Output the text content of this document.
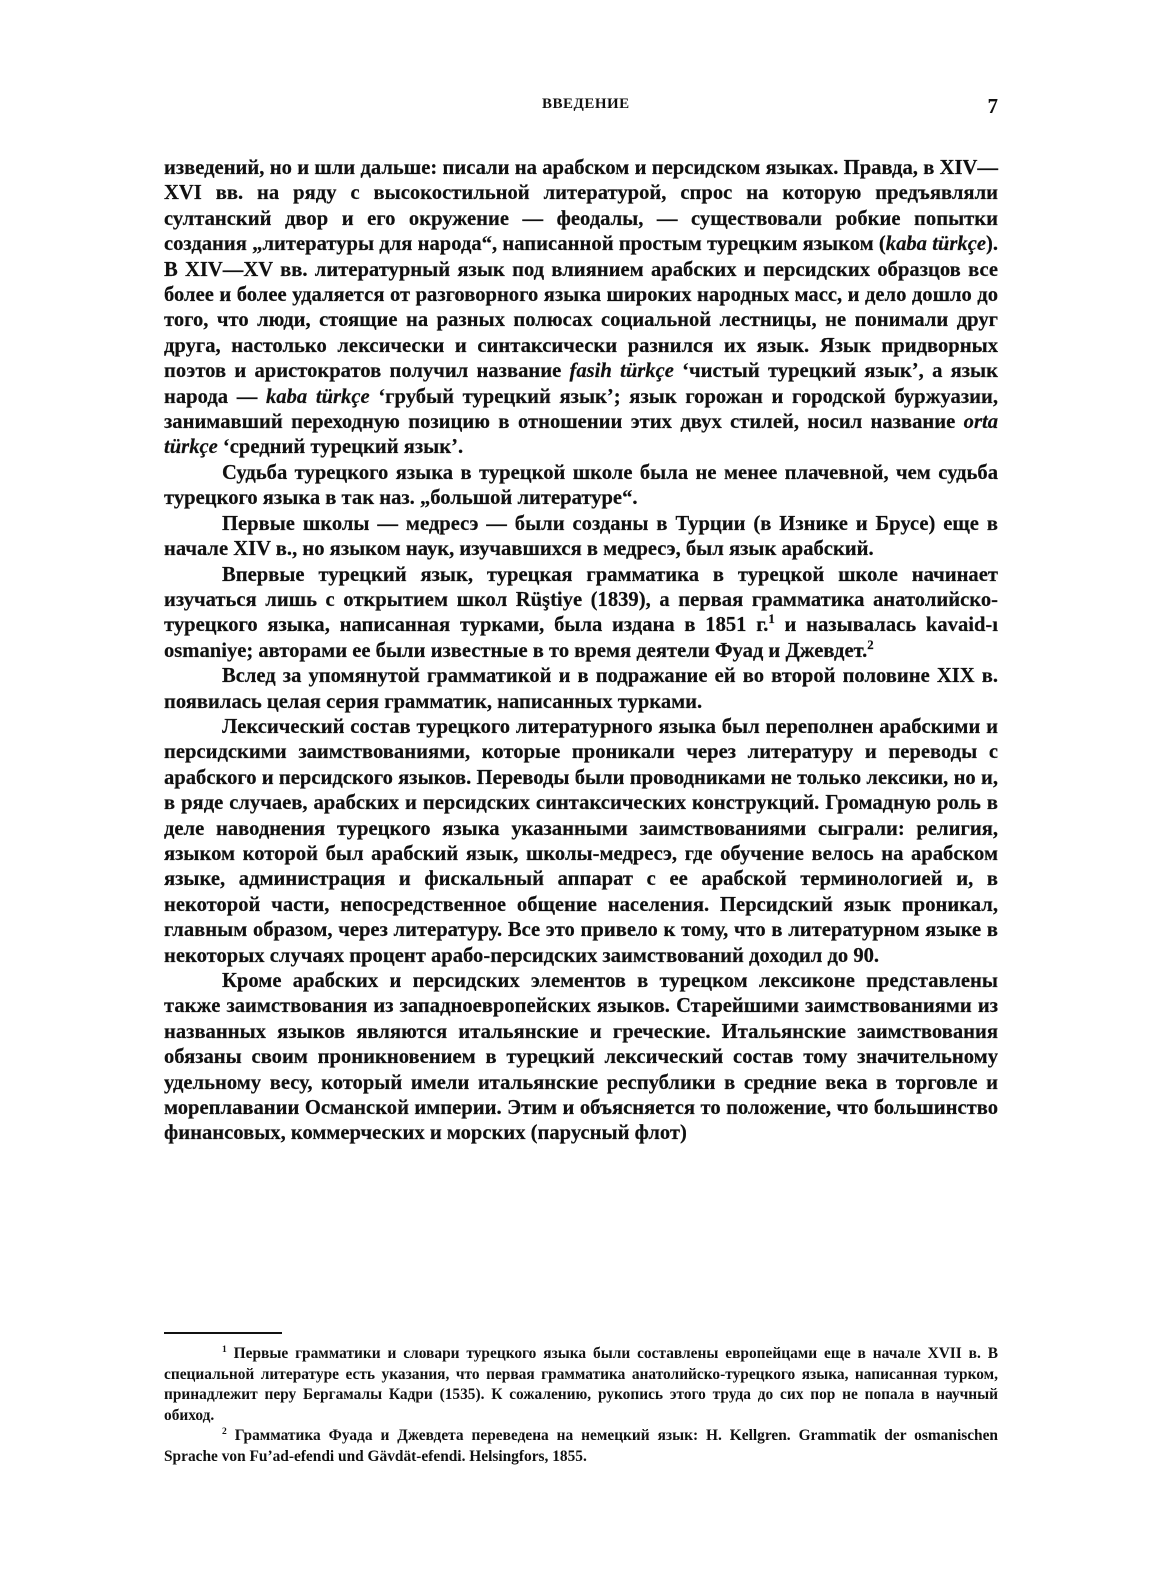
ВВЕДЕНИЕ	7

изведений, но и шли дальше: писали на арабском и персидском языках. Правда, в XIV—XVI вв. на ряду с высокостильной литературой, спрос на которую предъявляли султанский двор и его окружение — феодалы, — существовали робкие попытки создания „литературы для народа“, написанной простым турецким языком (kaba türkçe). В XIV—XV вв. литературный язык под влиянием арабских и персидских образцов все более и более удаляется от разговорного языка широких народных масс, и дело дошло до того, что люди, стоящие на разных полюсах социальной лестницы, не понимали друг друга, настолько лексически и синтаксически разнился их язык. Язык придворных поэтов и аристократов получил название fasih türkçe ‘чистый турецкий язык’, а язык народа — kaba türkçe ‘грубый турецкий язык’; язык горожан и городской буржуазии, занимавший переходную позицию в отношении этих двух стилей, носил название orta türkçe ‘средний турецкий язык’.

Судьба турецкого языка в турецкой школе была не менее плачевной, чем судьба турецкого языка в так наз. „большой литературе“.

Первые школы — медресэ — были созданы в Турции (в Изнике и Брусе) еще в начале XIV в., но языком наук, изучавшихся в медресэ, был язык арабский.

Впервые турецкий язык, турецкая грамматика в турецкой школе начинает изучаться лишь с открытием школ Rüştiye (1839), а первая грамматика анатолийско-турецкого языка, написанная турками, была издана в 1851 г.$^1$ и называлась kavaid-ı osmaniye; авторами ее были известные в то время деятели Фуад и Джевдет.$^2$

Вслед за упомянутой грамматикой и в подражание ей во второй половине XIX в. появилась целая серия грамматик, написанных турками.

Лексический состав турецкого литературного языка был переполнен арабскими и персидскими заимствованиями, которые проникали через литературу и переводы с арабского и персидского языков. Переводы были проводниками не только лексики, но и, в ряде случаев, арабских и персидских синтаксических конструкций. Громадную роль в деле наводнения турецкого языка указанными заимствованиями сыграли: религия, языком которой был арабский язык, школы-медресэ, где обучение велось на арабском языке, администрация и фискальный аппарат с ее арабской терминологией и, в некоторой части, непосредственное общение населения. Персидский язык проникал, главным образом, через литературу. Все это привело к тому, что в литературном языке в некоторых случаях процент арабо-персидских заимствований доходил до 90.

Кроме арабских и персидских элементов в турецком лексиконе представлены также заимствования из западноевропейских языков. Старейшими заимствованиями из названных языков являются итальянские и греческие. Итальянские заимствования обязаны своим проникновением в турецкий лексический состав тому значительному удельному весу, который имели итальянские республики в средние века в торговле и мореплавании Османской империи. Этим и объясняется то положение, что большинство финансовых, коммерческих и морских (парусный флот)

$^1$ Первые грамматики и словари турецкого языка были составлены европейцами еще в начале XVII в. В специальной литературе есть указания, что первая грамматика анатолийско-турецкого языка, написанная турком, принадлежит перу Бергамалы Кадри (1535). К сожалению, рукопись этого труда до сих пор не попала в научный обиход.

$^2$ Грамматика Фуада и Джевдета переведена на немецкий язык: H. Kellgren. Grammatik der osmanischen Sprache von Fu’ad-efendi und Gävdät-efendi. Helsingfors, 1855.
